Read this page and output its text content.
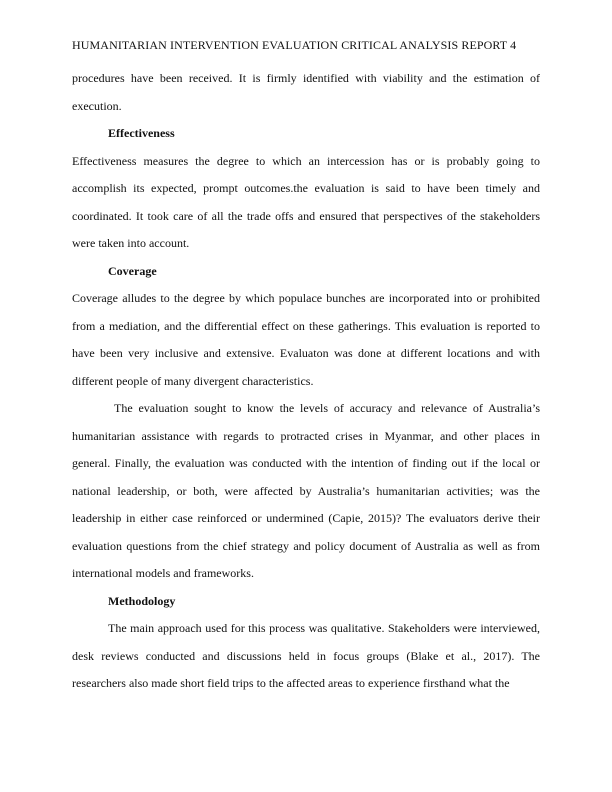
HUMANITARIAN INTERVENTION EVALUATION CRITICAL ANALYSIS REPORT 4

procedures have been received. It is firmly identified with viability and the estimation of execution.

Effectiveness

Effectiveness measures the degree to which an intercession has or is probably going to accomplish its expected, prompt outcomes.the evaluation is said to have been timely and coordinated. It took care of all the trade offs and ensured that perspectives of the stakeholders were taken into account.

Coverage

Coverage alludes to the degree by which populace bunches are incorporated into or prohibited from a mediation, and the differential effect on these gatherings. This evaluation is reported to have been very inclusive and extensive. Evaluaton was done at different locations and with different people of many divergent characteristics.

The evaluation sought to know the levels of accuracy and relevance of Australia’s humanitarian assistance with regards to protracted crises in Myanmar, and other places in general. Finally, the evaluation was conducted with the intention of finding out if the local or national leadership, or both, were affected by Australia’s humanitarian activities; was the leadership in either case reinforced or undermined (Capie, 2015)? The evaluators derive their evaluation questions from the chief strategy and policy document of Australia as well as from international models and frameworks.

Methodology

The main approach used for this process was qualitative. Stakeholders were interviewed, desk reviews conducted and discussions held in focus groups (Blake et al., 2017). The researchers also made short field trips to the affected areas to experience firsthand what the
